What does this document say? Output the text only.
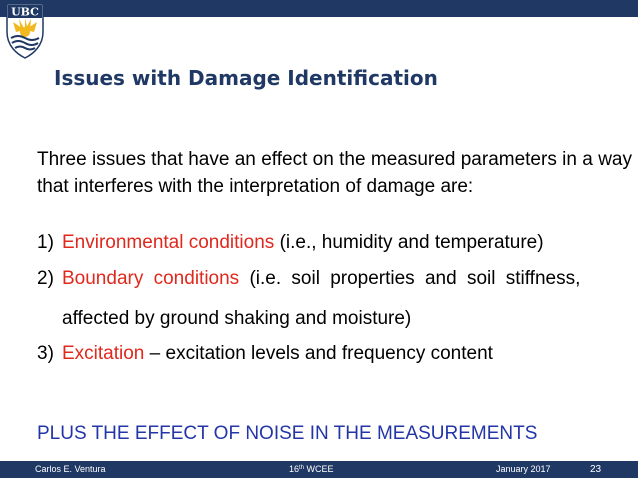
UBC
Issues with Damage Identification
Three issues that have an effect on the measured parameters in a way that interferes with the interpretation of damage are:
1) Environmental conditions (i.e., humidity and temperature)
2) Boundary conditions (i.e. soil properties and soil stiffness,
affected by ground shaking and moisture)
3) Excitation – excitation levels and frequency content
PLUS THE EFFECT OF NOISE IN THE MEASUREMENTS
Carlos E. Ventura	16th WCEE	January 2017	23
